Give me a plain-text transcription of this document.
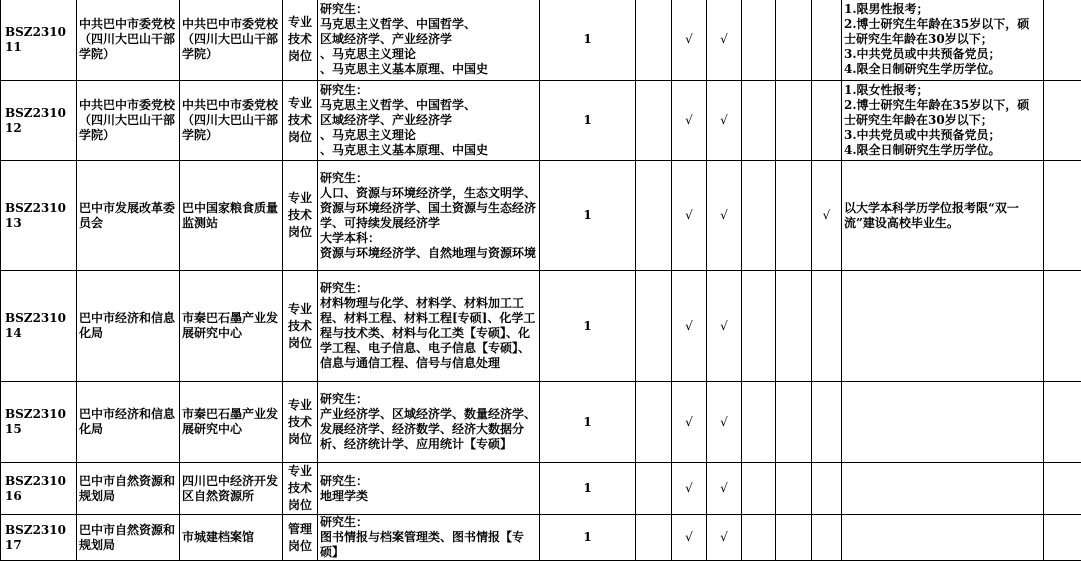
BSZ231011	中共巴中市委党校（四川大巴山干部学院）	中共巴中市委党校（四川大巴山干部学院）	专业技术岗位	研究生：
马克思主义哲学、中国哲学、
区域经济学、产业经济学
、马克思主义理论
、马克思主义基本原理、中国史	1		√	√				1.限男性报考；
2.博士研究生年龄在35岁以下，硕士研究生年龄在30岁以下；
3.中共党员或中共预备党员；
4.限全日制研究生学历学位。	
BSZ231012	中共巴中市委党校（四川大巴山干部学院）	中共巴中市委党校（四川大巴山干部学院）	专业技术岗位	研究生：
马克思主义哲学、中国哲学、
区域经济学、产业经济学
、马克思主义理论
、马克思主义基本原理、中国史	1		√	√				1.限女性报考；
2.博士研究生年龄在35岁以下，硕士研究生年龄在30岁以下；
3.中共党员或中共预备党员；
4.限全日制研究生学历学位。	
BSZ231013	巴中市发展改革委员会	巴中国家粮食质量监测站	专业技术岗位	研究生：
人口、资源与环境经济学，生态文明学、资源与环境经济学、国土资源与生态经济学、可持续发展经济学
大学本科：
资源与环境经济学、自然地理与资源环境	1		√	√			√	以大学本科学历学位报考限“双一流”建设高校毕业生。	
BSZ231014	巴中市经济和信息化局	市秦巴石墨产业发展研究中心	专业技术岗位	研究生：
材料物理与化学、材料学、材料加工工程、材料工程、材料工程[专硕]、化学工程与技术类、材料与化工类【专硕】、化学工程、电子信息、电子信息【专硕】、信息与通信工程、信号与信息处理	1		√	√					
BSZ231015	巴中市经济和信息化局	市秦巴石墨产业发展研究中心	专业技术岗位	研究生：
产业经济学、区域经济学、数量经济学、发展经济学、经济数学、经济大数据分析、经济统计学、应用统计【专硕】	1		√	√					
BSZ231016	巴中市自然资源和规划局	四川巴中经济开发区自然资源所	专业技术岗位	研究生：
地理学类	1		√	√					
BSZ231017	巴中市自然资源和规划局	市城建档案馆	管理岗位	研究生：
图书情报与档案管理类、图书情报【专硕】	1		√	√					
